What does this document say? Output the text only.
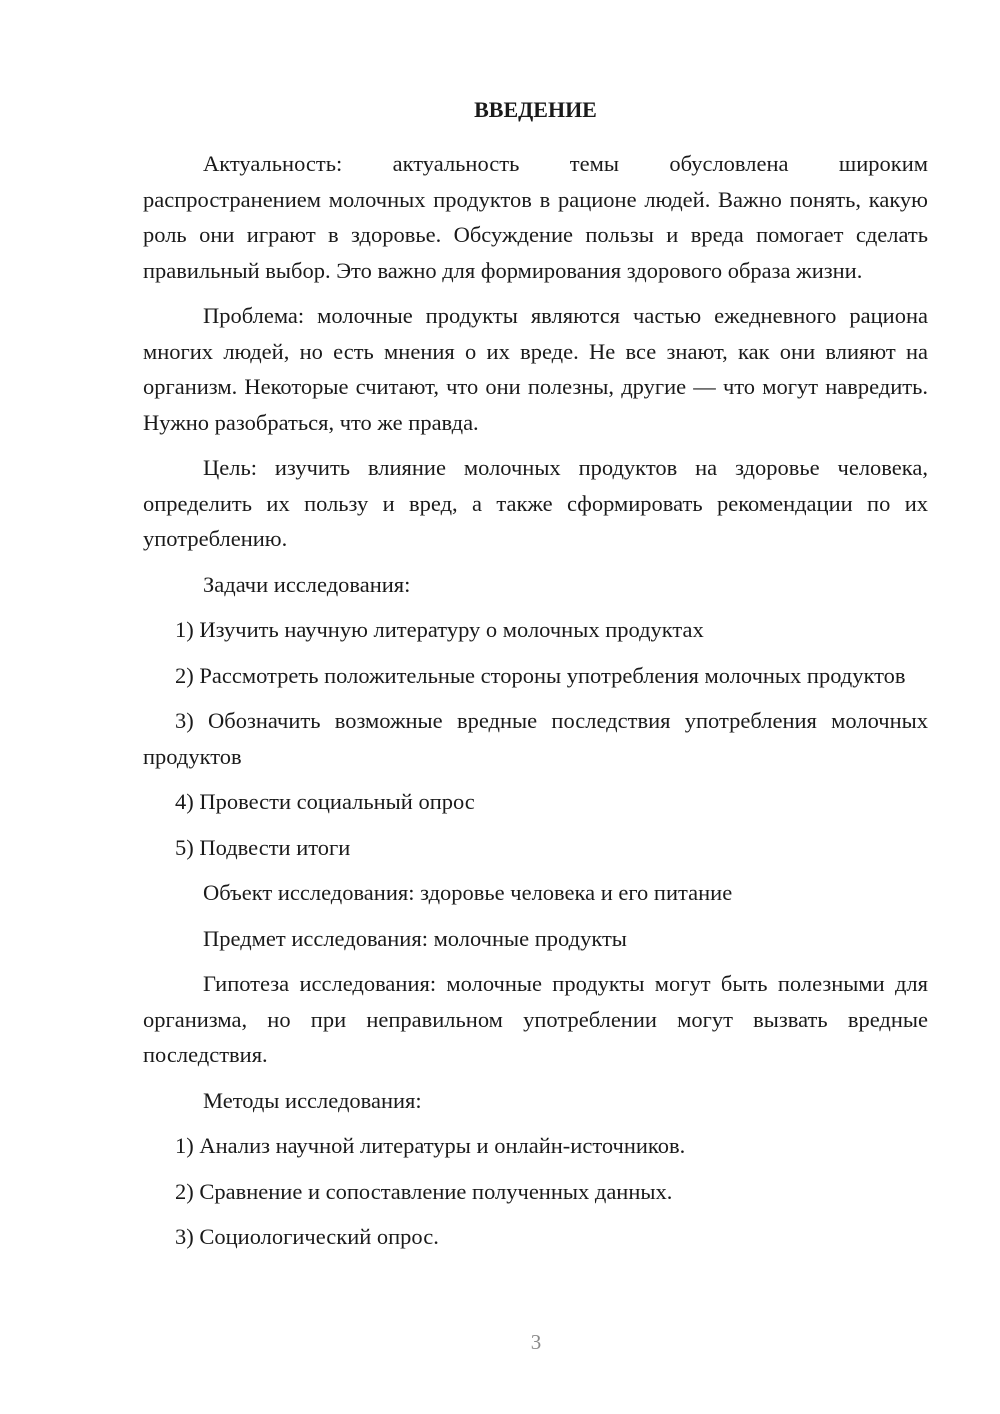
ВВЕДЕНИЕ

Актуальность: актуальность темы обусловлена широким распространением молочных продуктов в рационе людей. Важно понять, какую роль они играют в здоровье. Обсуждение пользы и вреда помогает сделать правильный выбор. Это важно для формирования здорового образа жизни.

Проблема: молочные продукты являются частью ежедневного рациона многих людей, но есть мнения о их вреде. Не все знают, как они влияют на организм. Некоторые считают, что они полезны, другие — что могут навредить. Нужно разобраться, что же правда.

Цель: изучить влияние молочных продуктов на здоровье человека, определить их пользу и вред, а также сформировать рекомендации по их употреблению.

Задачи исследования:

1) Изучить научную литературу о молочных продуктах

2) Рассмотреть положительные стороны употребления молочных продуктов

3) Обозначить возможные вредные последствия употребления молочных продуктов

4) Провести социальный опрос

5) Подвести итоги

Объект исследования: здоровье человека и его питание

Предмет исследования: молочные продукты

Гипотеза исследования: молочные продукты могут быть полезными для организма, но при неправильном употреблении могут вызвать вредные последствия.

Методы исследования:

1) Анализ научной литературы и онлайн-источников.

2) Сравнение и сопоставление полученных данных.

3) Социологический опрос.

3
